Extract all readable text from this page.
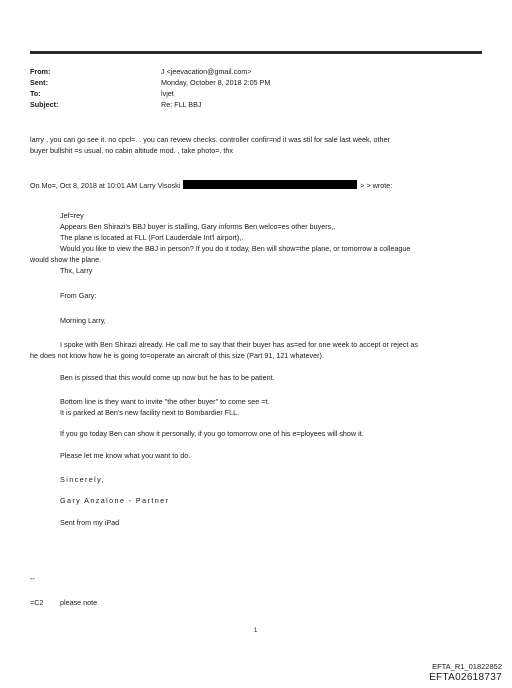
From:	J <jeevacation@gmail.com>
Sent:	Monday, October 8, 2018 2:05 PM
To:	lvjet
Subject:	Re: FLL BBJ
larry , you can go see it. no cpcl=. . you can review checks. controller confir=nd it was stil for sale last week, other
buyer bullshit =s usual. no cabin altitude mod. , take photo=. thx
On Mo=, Oct 8, 2018 at 10:01 AM Larry Visoski	> > wrote:
Jef=rey
Appears Ben Shirazi's BBJ buyer is stalling, Gary informs Ben welco=es other buyers,.
The plane is located at FLL (Fort Lauderdale Int'l airport),.
Would you like to view the BBJ in person? If you do it today, Ben will show=the plane, or tomorrow a colleague
would show the plane.
Thx, Larry
From Gary:
Morning Larry,
I spoke with Ben Shirazi already. He call me to say that their buyer has as=ed for one week to accept or reject as
he does not know how he is going to=operate an aircraft of this size (Part 91, 121 whatever).
Ben is pissed that this would come up now but he has to be patient.
Bottom line is they want to invite "the other buyer" to come see =t.
It is parked at Ben's new facility next to Bombardier FLL.
If you go today Ben can show it personally, if you go tomorrow one of his e=ployees will show it.
Please let me know what you want to do.
Sincerely,
Gary Anzalone - Partner
Sent from my iPad
--
=C2 please note
1
EFTA_R1_01822852
EFTA02618737
